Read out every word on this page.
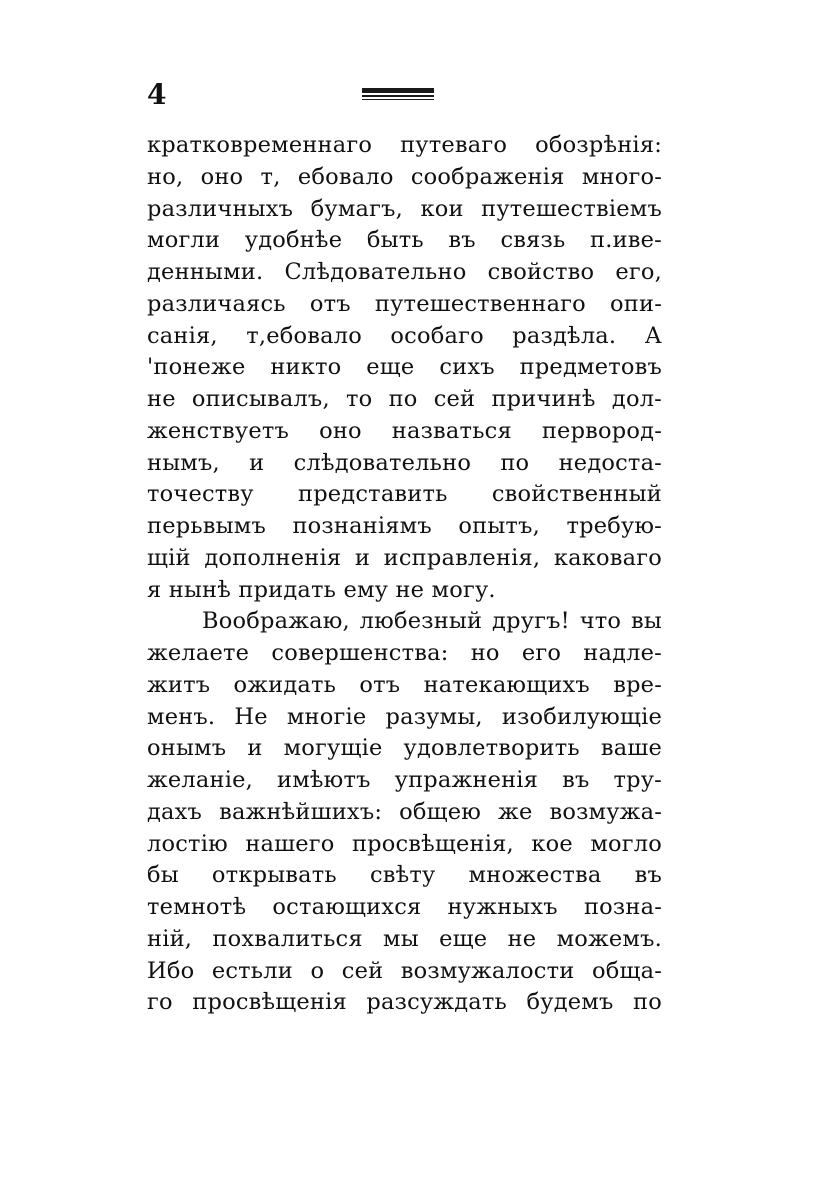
4
кратковременнаго путеваго обозрѣнія:
но, оно т, ебовало соображенія много-
различныхъ бумагъ, кои путешествіемъ
могли удобнѣе быть въ связь п.иве-
денными. Слѣдовательно свойство его,
различаясь отъ путешественнаго опи-
санія, т,ебовало особаго раздѣла. А
'понеже никто еще сихъ предметовъ
не описывалъ, то по сей причинѣ дол-
женствуетъ оно назваться первород-
нымъ, и слѣдовательно по недоста-
точеству представить свойственный
перьвымъ познаніямъ опытъ, требую-
щій дополненія и исправленія, каковаго
я нынѣ придать ему не могу.
Воображаю, любезный другъ! что вы
желаете совершенства: но его надле-
житъ ожидать отъ натекающихъ вре-
менъ. Не многіе разумы, изобилующіе
онымъ и могущіе удовлетворить ваше
желаніе, имѣютъ упражненія въ тру-
дахъ важнѣйшихъ: общею же возмужа-
лостію нашего просвѣщенія, кое могло
бы открывать свѣту множества въ
темнотѣ остающихся нужныхъ позна-
ній, похвалиться мы еще не можемъ.
Ибо естьли о сей возмужалости обща-
го просвѣщенія разсуждать будемъ по
